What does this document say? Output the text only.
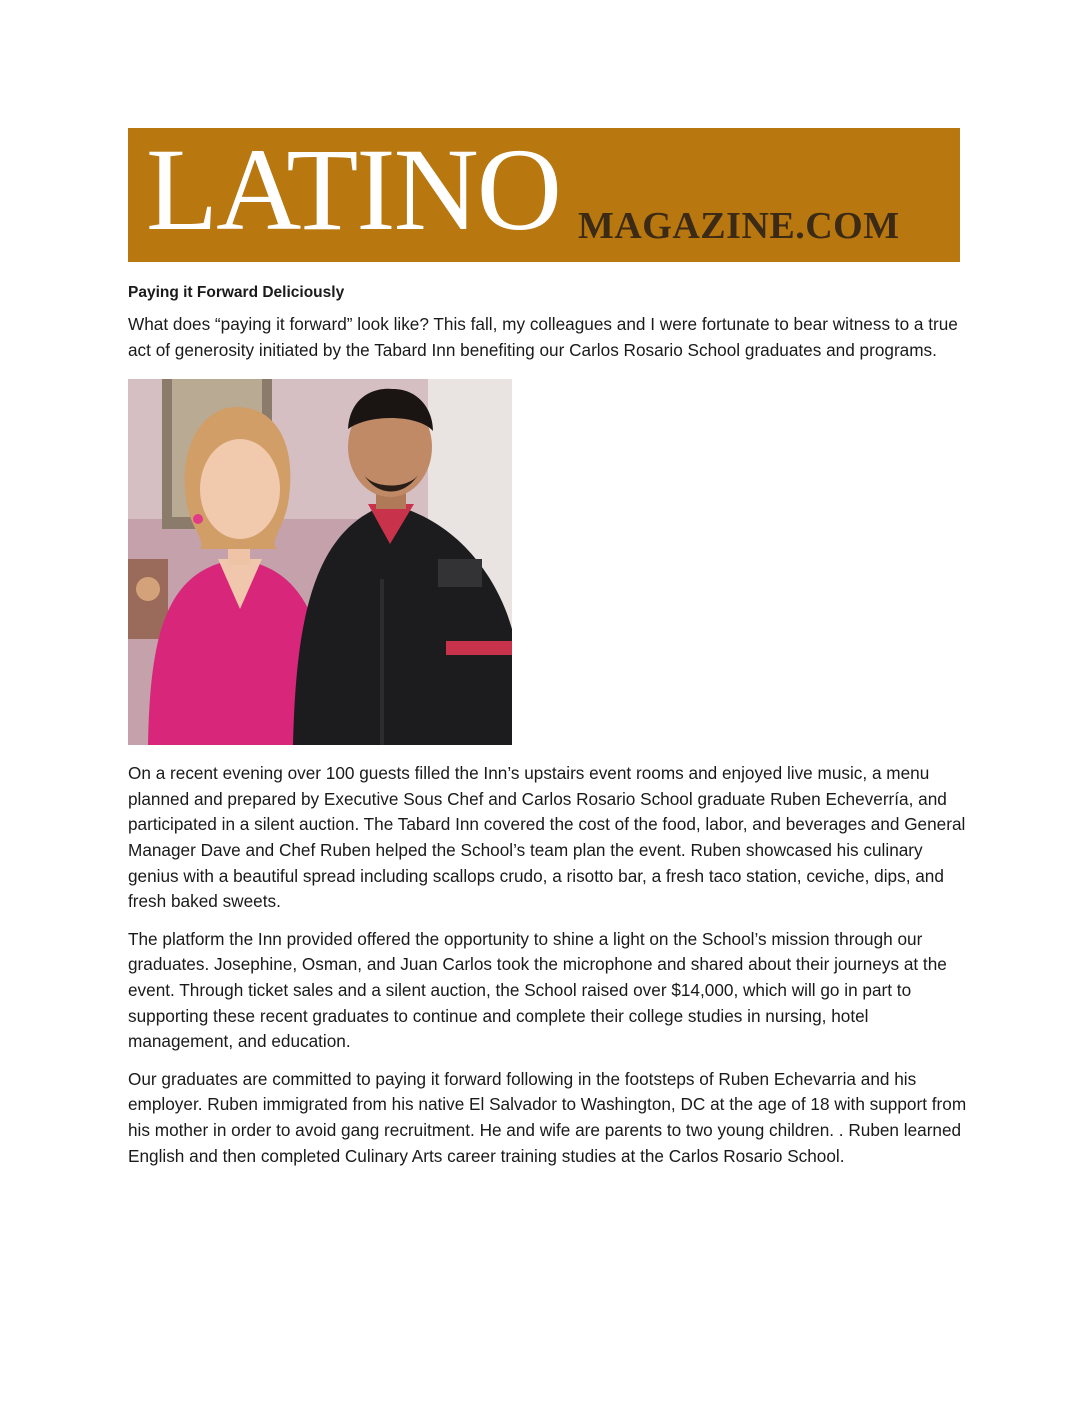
LATINO MAGAZINE.COM
Paying it Forward Deliciously

What does “paying it forward” look like? This fall, my colleagues and I were fortunate to bear witness to a true act of generosity initiated by the Tabard Inn benefiting our Carlos Rosario School graduates and programs.

On a recent evening over 100 guests filled the Inn’s upstairs event rooms and enjoyed live music, a menu planned and prepared by Executive Sous Chef and Carlos Rosario School graduate Ruben Echeverría, and participated in a silent auction. The Tabard Inn covered the cost of the food, labor, and beverages and General Manager Dave and Chef Ruben helped the School’s team plan the event. Ruben showcased his culinary genius with a beautiful spread including scallops crudo, a risotto bar, a fresh taco station, ceviche, dips, and fresh baked sweets.

The platform the Inn provided offered the opportunity to shine a light on the School’s mission through our graduates. Josephine, Osman, and Juan Carlos took the microphone and shared about their journeys at the event. Through ticket sales and a silent auction, the School raised over $14,000, which will go in part to supporting these recent graduates to continue and complete their college studies in nursing, hotel management, and education.

Our graduates are committed to paying it forward following in the footsteps of Ruben Echevarria and his employer. Ruben immigrated from his native El Salvador to Washington, DC at the age of 18 with support from his mother in order to avoid gang recruitment. He and wife are parents to two young children. . Ruben learned English and then completed Culinary Arts career training studies at the Carlos Rosario School.
